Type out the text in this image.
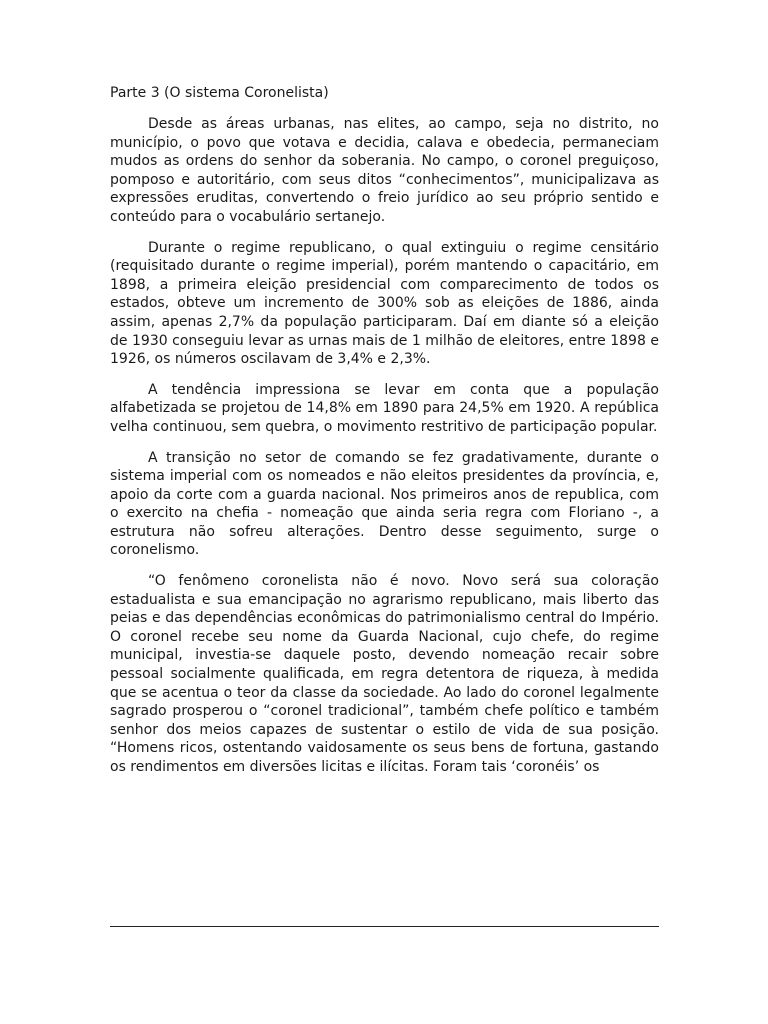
Parte 3 (O sistema Coronelista)

Desde as áreas urbanas, nas elites, ao campo, seja no distrito, no município, o povo que votava e decidia, calava e obedecia, permaneciam mudos as ordens do senhor da soberania. No campo, o coronel preguiçoso, pomposo e autoritário, com seus ditos “conhecimentos”, municipalizava as expressões eruditas, convertendo o freio jurídico ao seu próprio sentido e conteúdo para o vocabulário sertanejo.

Durante o regime republicano, o qual extinguiu o regime censitário (requisitado durante o regime imperial), porém mantendo o capacitário, em 1898, a primeira eleição presidencial com comparecimento de todos os estados, obteve um incremento de 300% sob as eleições de 1886, ainda assim, apenas 2,7% da população participaram. Daí em diante só a eleição de 1930 conseguiu levar as urnas mais de 1 milhão de eleitores, entre 1898 e 1926, os números oscilavam de 3,4% e 2,3%.

A tendência impressiona se levar em conta que a população alfabetizada se projetou de 14,8% em 1890 para 24,5% em 1920. A república velha continuou, sem quebra, o movimento restritivo de participação popular.

A transição no setor de comando se fez gradativamente, durante o sistema imperial com os nomeados e não eleitos presidentes da província, e, apoio da corte com a guarda nacional. Nos primeiros anos de republica, com o exercito na chefia - nomeação que ainda seria regra com Floriano -, a estrutura não sofreu alterações. Dentro desse seguimento, surge o coronelismo.

“O fenômeno coronelista não é novo. Novo será sua coloração estadualista e sua emancipação no agrarismo republicano, mais liberto das peias e das dependências econômicas do patrimonialismo central do Império. O coronel recebe seu nome da Guarda Nacional, cujo chefe, do regime municipal, investia-se daquele posto, devendo nomeação recair sobre pessoal socialmente qualificada, em regra detentora de riqueza, à medida que se acentua o teor da classe da sociedade. Ao lado do coronel legalmente sagrado prosperou o “coronel tradicional”, também chefe político e também senhor dos meios capazes de sustentar o estilo de vida de sua posição. “Homens ricos, ostentando vaidosamente os seus bens de fortuna, gastando os rendimentos em diversões licitas e ilícitas. Foram tais ‘coronéis’ os
